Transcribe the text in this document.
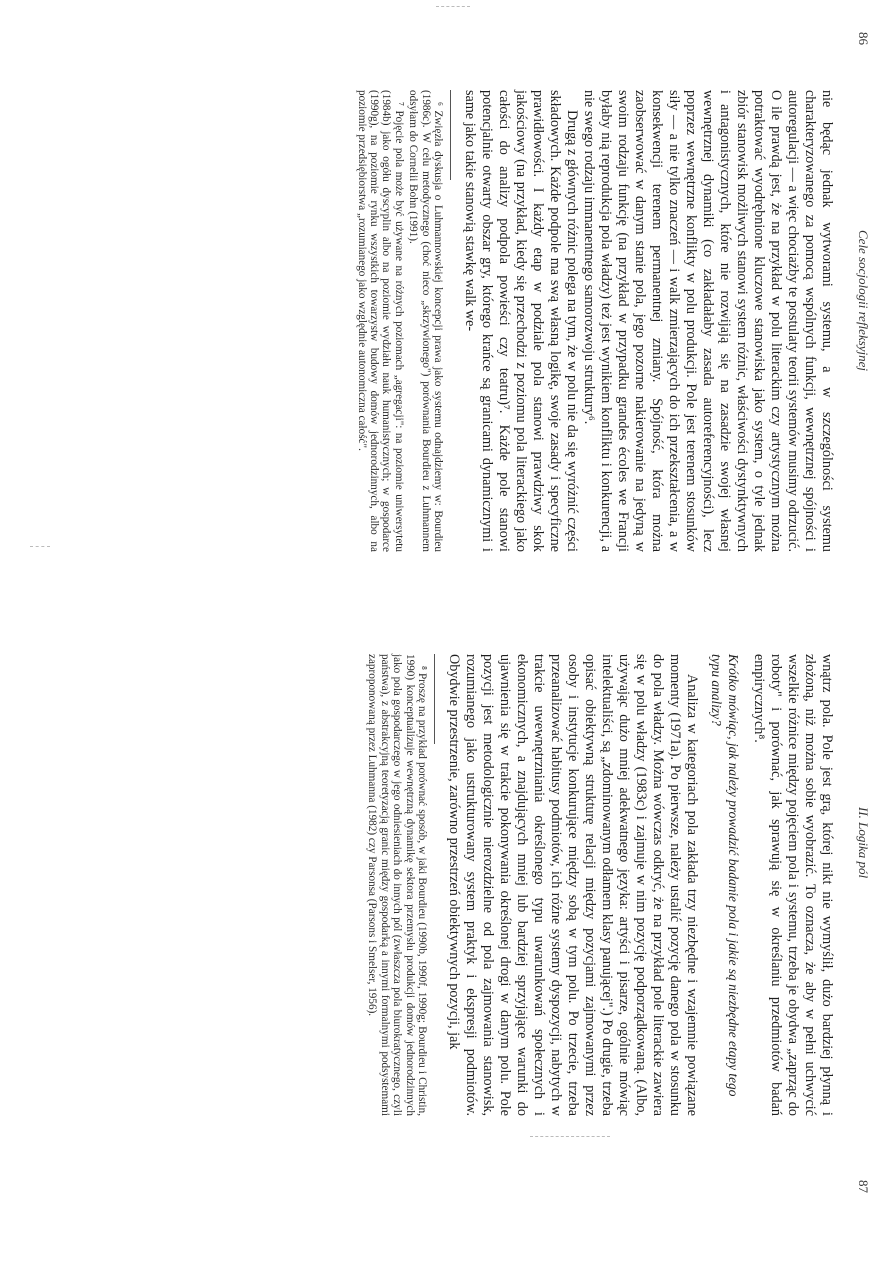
86
Cele socjologii refleksyjnej

nie będąc jednak wytworami systemu, a w szczególności systemu charakteryzowanego za pomocą wspólnych funkcji, wewnętrznej spójności i autoregulacji — a więc chociażby te postulaty teorii systemów musimy odrzucić. O ile prawdą jest, że na przykład w polu literackim czy artystycznym można potraktować wyodrębnione kluczowe stanowiska jako system, o tyle jednak zbiór stanowisk możliwych stanowi system różnic, właściwości dystynktywnych i antagonistycznych, które nie rozwijają się na zasadzie swojej własnej wewnętrznej dynamiki (co zakładałaby zasada autoreferencyjności), lecz poprzez wewnętrzne konflikty w polu produkcji. Pole jest terenem stosunków siły — a nie tylko znaczeń — i walk zmierzających do ich przekształcenia, a w konsekwencji terenem permanentnej zmiany. Spójność, która można zaobserwować w danym stanie pola, jego pozorne nakierowanie na jedyną w swoim rodzaju funkcję (na przykład w przypadku grandes écoles we Francji byłaby nią reprodukcja pola władzy) też jest wynikiem konfliktu i konkurencji, a nie swego rodzaju immanentnego samorozwoju struktury⁶.

Drugą z głównych różnic polega na tym, że w polu nie da się wyróżnić części składowych. Każde podpole ma swą własną logikę, swoje zasady i specyficzne prawidłowości. I każdy etap w podziale pola stanowi prawdziwy skok jakościowy (na przykład, kiedy się przechodzi z poziomu pola literackiego jako całości do analizy podpola powieści czy teatru)⁷. Każde pole stanowi potencjalnie otwarty obszar gry, którego krańce są granicami dynamicznymi i same jako takie stanowią stawkę walk we-

⁶ Zwięzła dyskusja o Luhmannowskiej koncepcji prawa jako systemu odnajdziemy w: Bourdieu (1986c). W celu metodycznego (choć nieco „skrzywionego") porównania Bourdieu z Luhmannem odsyłam do Cornelii Bohn (1991).

⁷ Pojęcie pola może być używane na różnych poziomach „agregacji": na poziomie uniwersytetu (1984b) jako ogółu dyscyplin albo na poziomie wydziału nauk humanistycznych; w gospodarce (1990g), na poziomie rynku wszystkich towarzystw budowy domów jednorodzinnych, albo na poziomie przedsiębiorstwa „rozumianego jako względnie autonomiczna całość".

II. Logika pól
87

wnątrz pola. Pole jest grą, której nikt nie wymyślił, dużo bardziej płynną i złożoną, niż można sobie wyobrazić. To oznacza, że aby w pełni uchwycić wszelkie różnice między pojęciem pola i systemu, trzeba je obydwa „zaprząc do roboty" i porównać, jak sprawują się w określaniu przedmiotów badań empirycznych⁸.

Krótko mówiąc, jak należy prowadzić badanie pola i jakie są niezbędne etapy tego typu analizy?

Analiza w kategoriach pola zakłada trzy niezbędne i wzajemnie powiązane momenty (1971a). Po pierwsze, należy ustalić pozycję danego pola w stosunku do pola władzy. Można wówczas odkryć, że na przykład pole literackie zawiera się w polu władzy (1983c) i zajmuje w nim pozycję podporządkowaną. (Albo, używając dużo mniej adekwatnego języka: artyści i pisarze, ogólnie mówiąc intelektualiści, są „zdominowanym odłamem klasy panującej".) Po drugie, trzeba opisać obiektywną strukturę relacji między pozycjami zajmowanymi przez osoby i instytucje konkurujące między sobą w tym polu. Po trzecie, trzeba przeanalizować habitusy podmiotów, ich różne systemy dyspozycji, nabytych w trakcie uwewnętrzniania określonego typu uwarunkowań społecznych i ekonomicznych, a znajdujących mniej lub bardziej sprzyjające warunki do ujawnienia się w trakcie pokonywania określonej drogi w danym polu. Pole pozycji jest metodologicznie nierozdzielne od pola zajmowania stanowisk, rozumianego jako ustrukturowany system praktyk i ekspresji podmiotów. Obydwie przestrzenie, zarówno przestrzeń obiektywnych pozycji, jak

⁸ Proszę na przykład porównać sposób, w jaki Bourdieu (1990b, 1990f, 1990g; Bourdieu i Christin, 1990) konceptualizuje wewnętrzną dynamikę sektora przemysłu produkcji domów jednorodzinnych jako pola gospodarczego w jego odniesieniach do innych pól (zwłaszcza pola biurokratycznego, czyli państwa), z abstrakcyjną teoretyzacją granic między gospodarką a innymi formalnymi podsystemami zaproponowaną przez Luhmanna (1982) czy Parsonsa (Parsons i Smelser, 1956).
